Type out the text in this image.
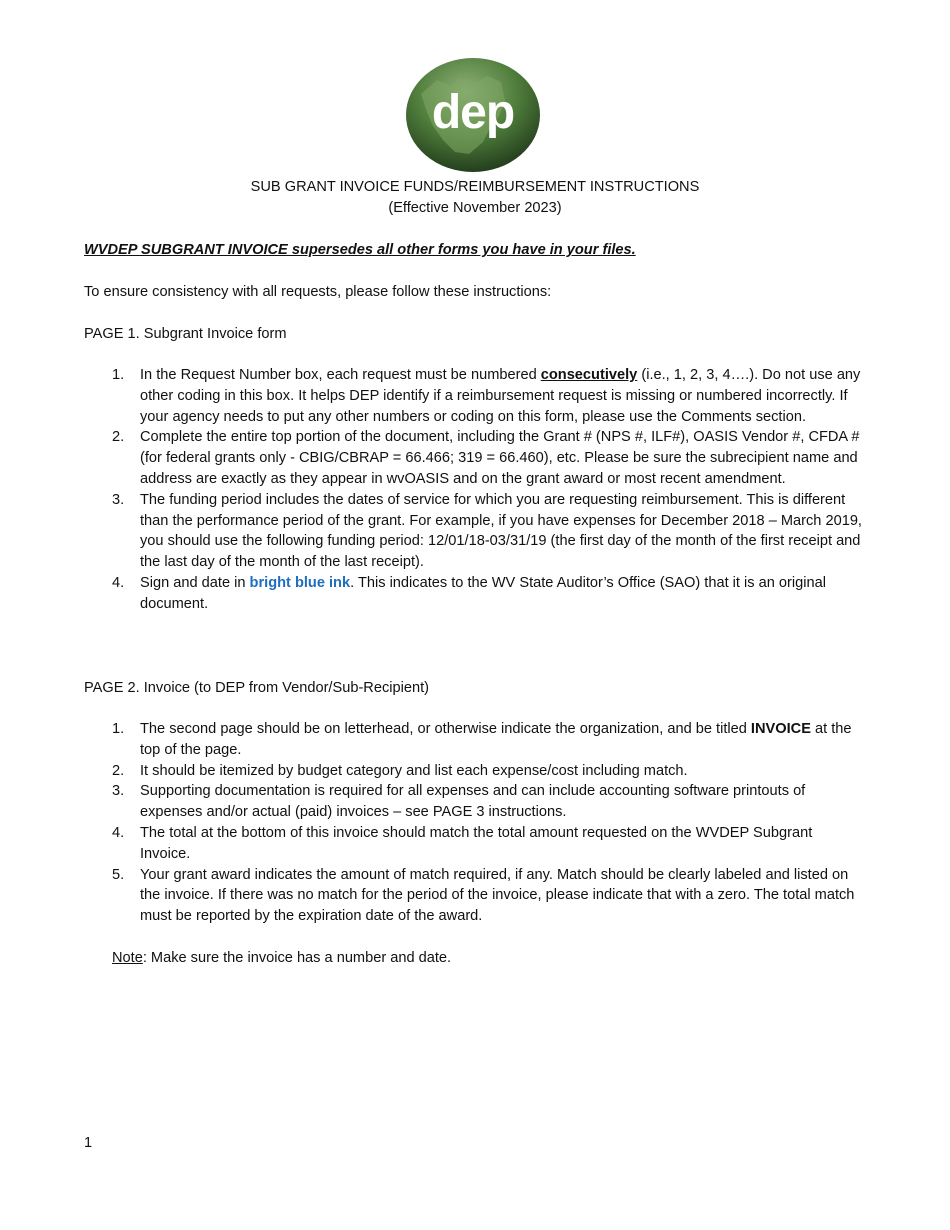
dep
SUB GRANT INVOICE FUNDS/REIMBURSEMENT INSTRUCTIONS
(Effective November 2023)
WVDEP SUBGRANT INVOICE supersedes all other forms you have in your files.
To ensure consistency with all requests, please follow these instructions:
PAGE 1. Subgrant Invoice form
1. In the Request Number box, each request must be numbered consecutively (i.e., 1, 2, 3, 4….). Do not use any other coding in this box. It helps DEP identify if a reimbursement request is missing or numbered incorrectly. If your agency needs to put any other numbers or coding on this form, please use the Comments section.
2. Complete the entire top portion of the document, including the Grant # (NPS #, ILF#), OASIS Vendor #, CFDA # (for federal grants only - CBIG/CBRAP = 66.466; 319 = 66.460), etc. Please be sure the subrecipient name and address are exactly as they appear in wvOASIS and on the grant award or most recent amendment.
3. The funding period includes the dates of service for which you are requesting reimbursement. This is different than the performance period of the grant. For example, if you have expenses for December 2018 – March 2019, you should use the following funding period: 12/01/18-03/31/19 (the first day of the month of the first receipt and the last day of the month of the last receipt).
4. Sign and date in bright blue ink. This indicates to the WV State Auditor’s Office (SAO) that it is an original document.
PAGE 2. Invoice (to DEP from Vendor/Sub-Recipient)
1. The second page should be on letterhead, or otherwise indicate the organization, and be titled INVOICE at the top of the page.
2. It should be itemized by budget category and list each expense/cost including match.
3. Supporting documentation is required for all expenses and can include accounting software printouts of expenses and/or actual (paid) invoices – see PAGE 3 instructions.
4. The total at the bottom of this invoice should match the total amount requested on the WVDEP Subgrant Invoice.
5. Your grant award indicates the amount of match required, if any. Match should be clearly labeled and listed on the invoice. If there was no match for the period of the invoice, please indicate that with a zero. The total match must be reported by the expiration date of the award.
Note: Make sure the invoice has a number and date.
1
